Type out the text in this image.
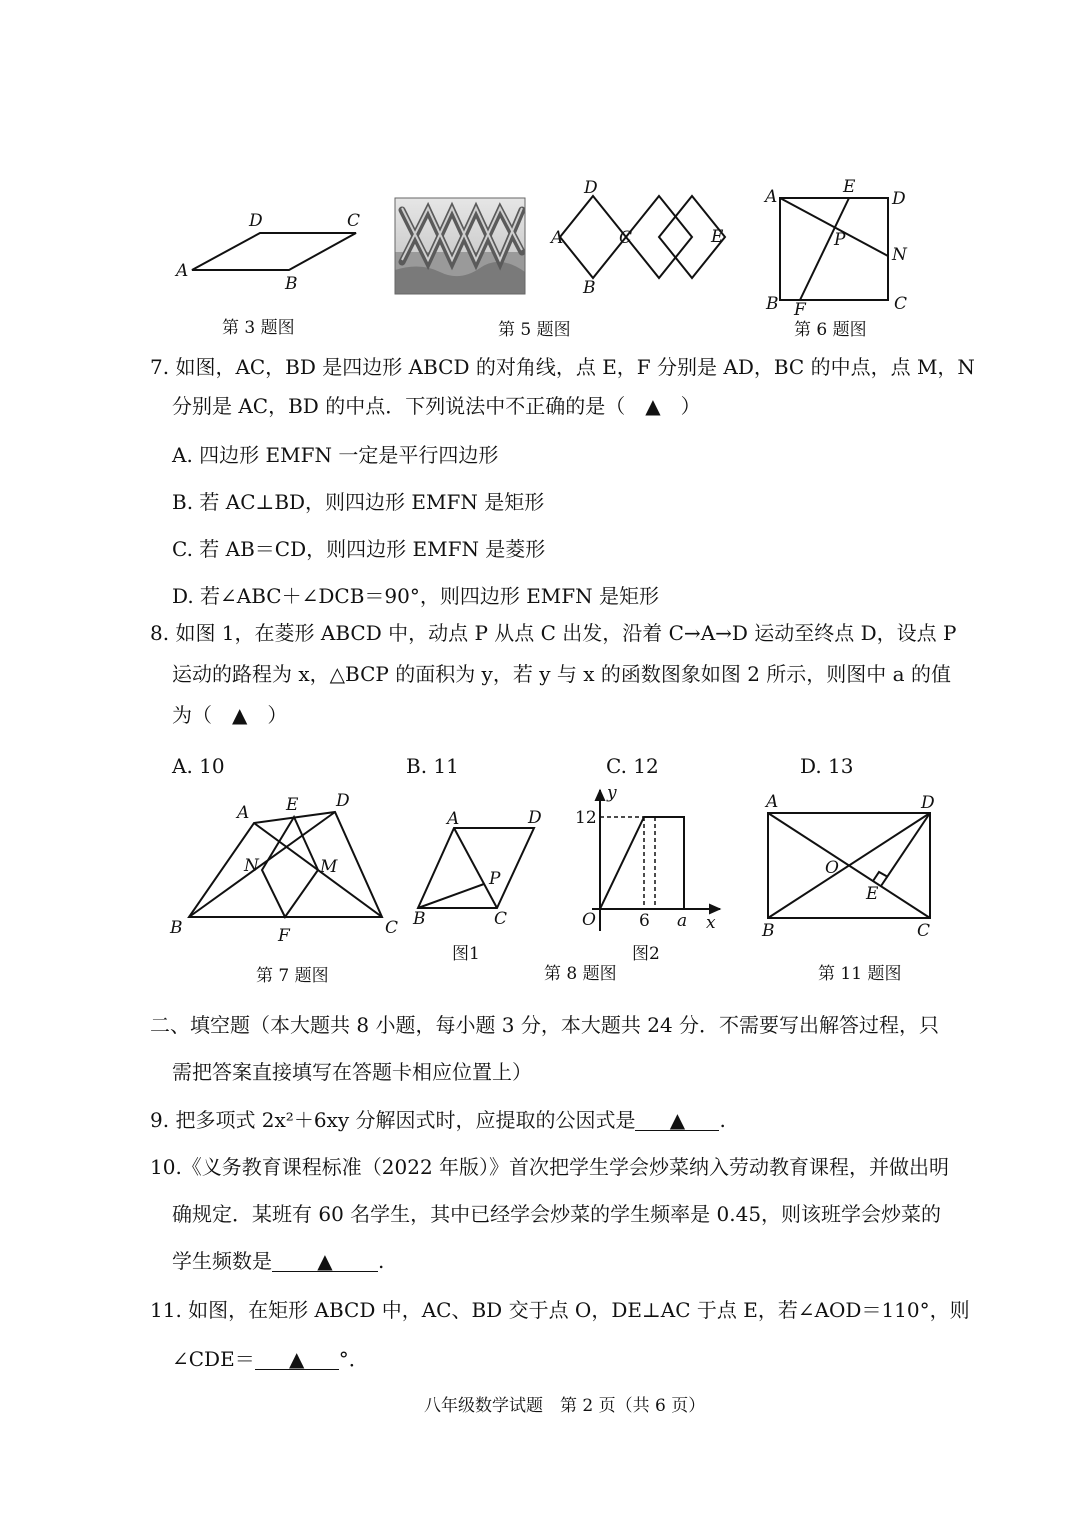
A
B
C
D
D
A	C	E
B
A	E
D
P
N
B F	C
第 3 题图	第 5 题图	第 6 题图
7. 如图，AC，BD 是四边形 ABCD 的对角线，点 E，F 分别是 AD，BC 的中点，点 M，N
分别是 AC，BD 的中点．下列说法中不正确的是（　▲　）
A. 四边形 EMFN 一定是平行四边形
B. 若 AC⊥BD，则四边形 EMFN 是矩形
C. 若 AB＝CD，则四边形 EMFN 是菱形
D. 若∠ABC＋∠DCB＝90°，则四边形 EMFN 是矩形
8. 如图 1，在菱形 ABCD 中，动点 P 从点 C 出发，沿着 C→A→D 运动至终点 D，设点 P
运动的路程为 x，△BCP 的面积为 y，若 y 与 x 的函数图象如图 2 所示，则图中 a 的值
为（　▲　）
A. 10	B. 11	C. 12	D. 13
A E D
N	M
B	F	C
A	D
P
B	C
y
12
O	6 a x
A	D
O
E
B	C
图1	图2
第 7 题图	第 8 题图	第 11 题图
二、填空题（本大题共 8 小题，每小题 3 分，本大题共 24 分．不需要写出解答过程，只
需把答案直接填写在答题卡相应位置上）
9. 把多项式 2x²＋6xy 分解因式时，应提取的公因式是 ▲ .
10.《义务教育课程标准（2022 年版）》首次把学生学会炒菜纳入劳动教育课程，并做出明
确规定．某班有 60 名学生，其中已经学会炒菜的学生频率是 0.45，则该班学会炒菜的
学生频数是 ▲ .
11. 如图，在矩形 ABCD 中，AC、BD 交于点 O，DE⊥AC 于点 E，若∠AOD＝110°，则
∠CDE＝ ▲ °．
八年级数学试题　第 2 页（共 6 页）
